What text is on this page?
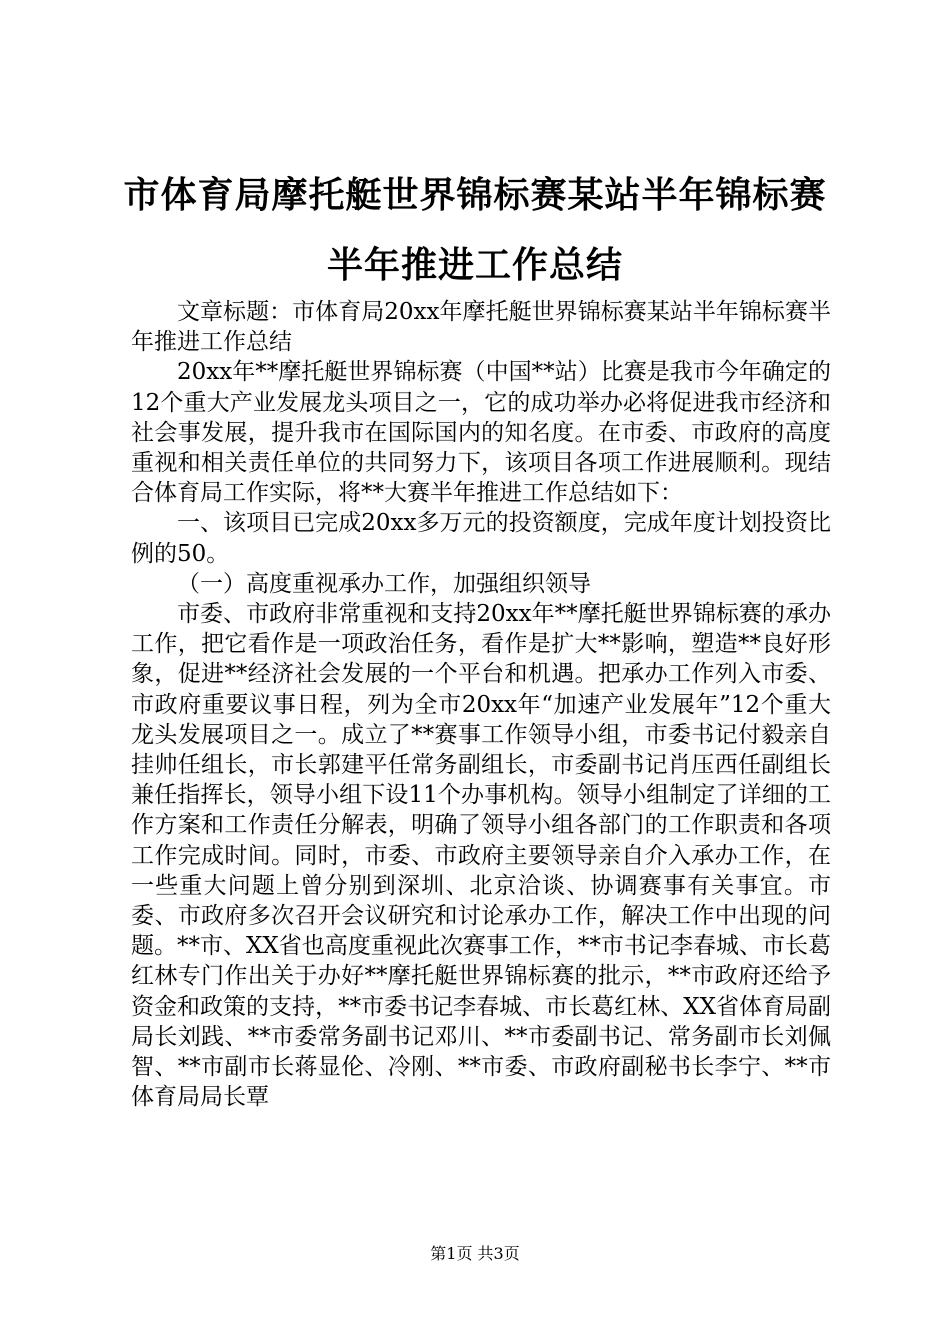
市体育局摩托艇世界锦标赛某站半年锦标赛半年推进工作总结

文章标题：市体育局20xx年摩托艇世界锦标赛某站半年锦标赛半年推进工作总结

20xx年**摩托艇世界锦标赛（中国**站）比赛是我市今年确定的12个重大产业发展龙头项目之一，它的成功举办必将促进我市经济和社会事发展，提升我市在国际国内的知名度。在市委、市政府的高度重视和相关责任单位的共同努力下，该项目各项工作进展顺利。现结合体育局工作实际，将**大赛半年推进工作总结如下：

一、该项目已完成20xx多万元的投资额度，完成年度计划投资比例的50。

（一）高度重视承办工作，加强组织领导

市委、市政府非常重视和支持20xx年**摩托艇世界锦标赛的承办工作，把它看作是一项政治任务，看作是扩大**影响，塑造**良好形象，促进**经济社会发展的一个平台和机遇。把承办工作列入市委、市政府重要议事日程，列为全市20xx年“加速产业发展年”12个重大龙头发展项目之一。成立了**赛事工作领导小组，市委书记付毅亲自挂帅任组长，市长郭建平任常务副组长，市委副书记肖压西任副组长兼任指挥长，领导小组下设11个办事机构。领导小组制定了详细的工作方案和工作责任分解表，明确了领导小组各部门的工作职责和各项工作完成时间。同时，市委、市政府主要领导亲自介入承办工作，在一些重大问题上曾分别到深圳、北京洽谈、协调赛事有关事宜。市委、市政府多次召开会议研究和讨论承办工作，解决工作中出现的问题。**市、XX省也高度重视此次赛事工作，**市书记李春城、市长葛红林专门作出关于办好**摩托艇世界锦标赛的批示，**市政府还给予资金和政策的支持，**市委书记李春城、市长葛红林、XX省体育局副局长刘践、**市委常务副书记邓川、**市委副书记、常务副市长刘佩智、**市副市长蒋显伦、冷刚、**市委、市政府副秘书长李宁、**市体育局局长覃

第1页 共3页
